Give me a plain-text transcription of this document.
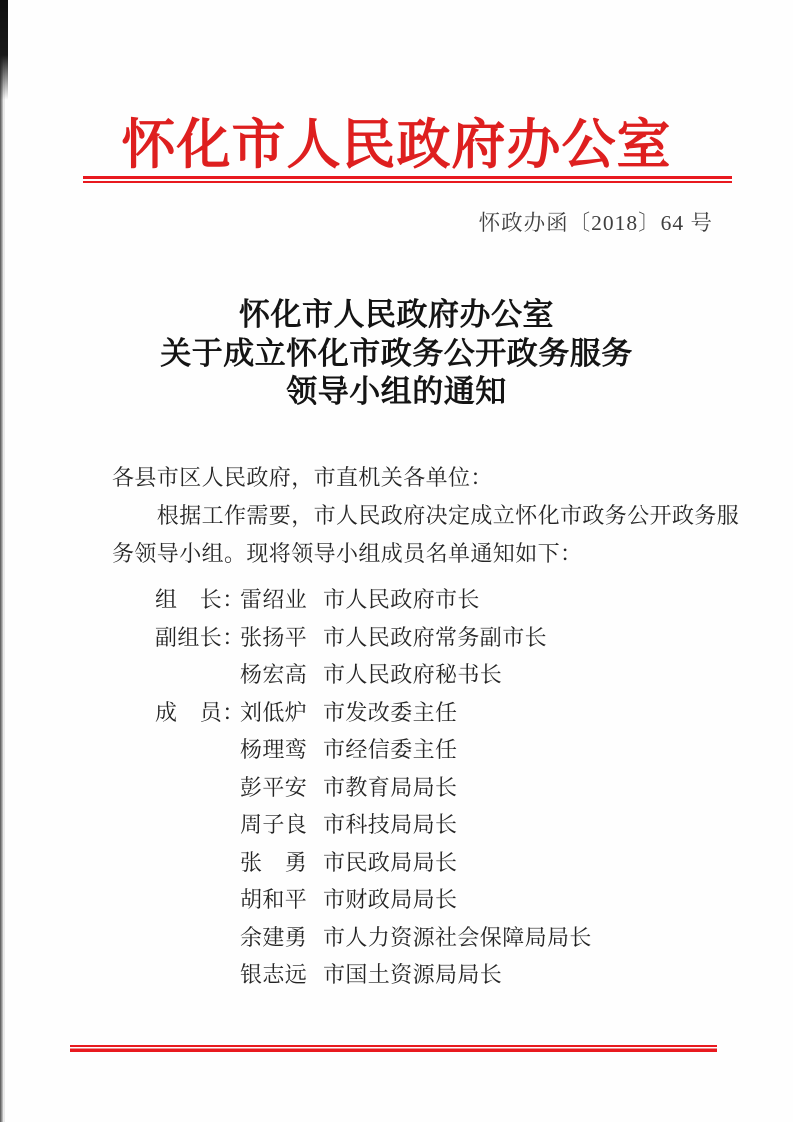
怀化市人民政府办公室
怀政办函〔2018〕64 号
怀化市人民政府办公室
关于成立怀化市政务公开政务服务
领导小组的通知
各县市区人民政府，市直机关各单位：
　　根据工作需要，市人民政府决定成立怀化市政务公开政务服
务领导小组。现将领导小组成员名单通知如下：
组　长：雷绍业 市人民政府市长
副组长：张扬平 市人民政府常务副市长
杨宏高 市人民政府秘书长
成　员：刘低炉 市发改委主任
杨理鸾 市经信委主任
彭平安 市教育局局长
周子良 市科技局局长
张　勇 市民政局局长
胡和平 市财政局局长
余建勇 市人力资源社会保障局局长
银志远 市国土资源局局长
